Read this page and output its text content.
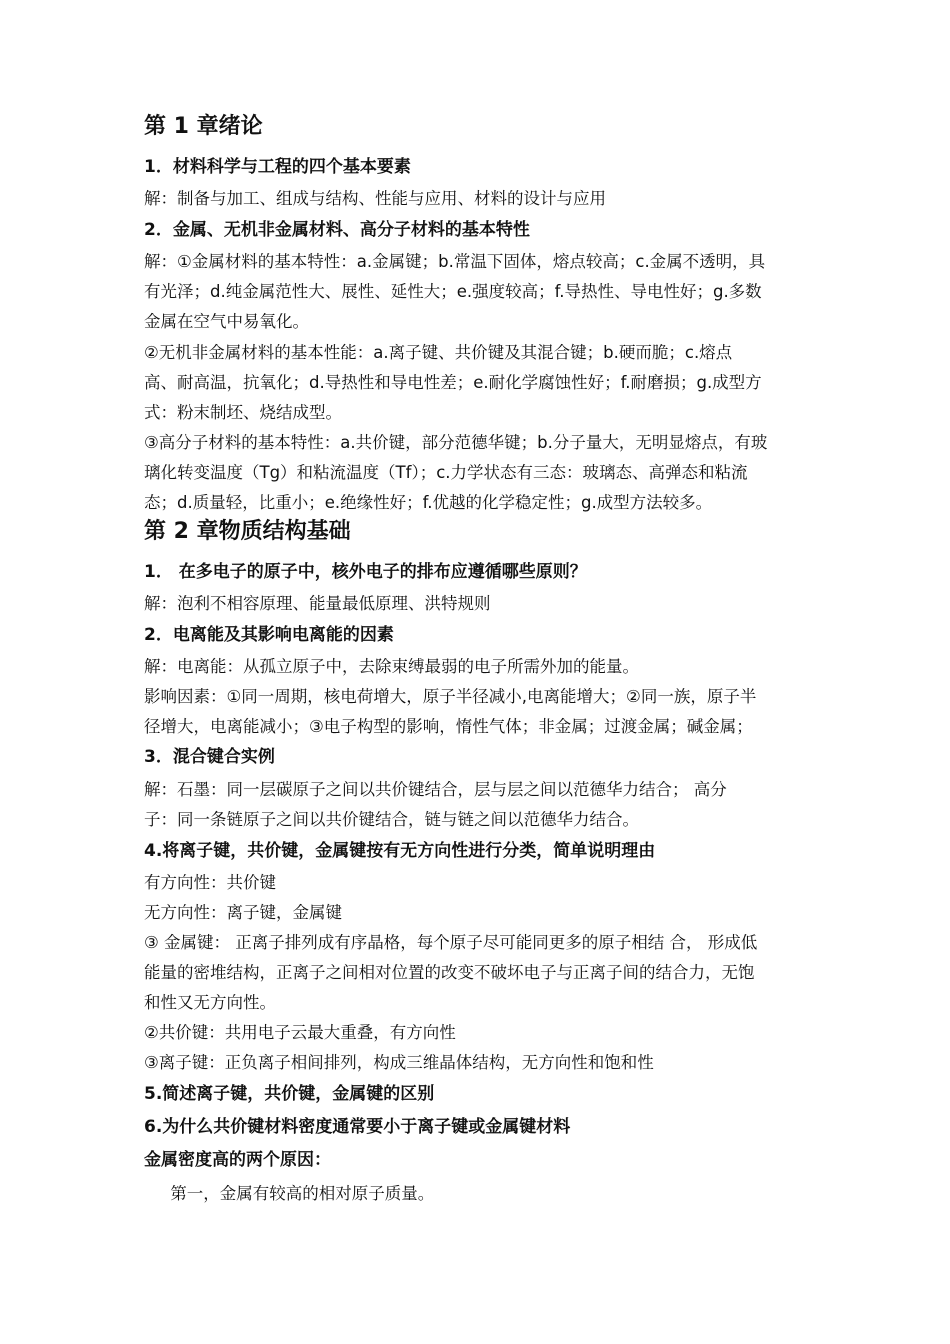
第 1 章绪论
1．材料科学与工程的四个基本要素
解：制备与加工、组成与结构、性能与应用、材料的设计与应用
2．金属、无机非金属材料、高分子材料的基本特性
解：①金属材料的基本特性：a.金属键；b.常温下固体，熔点较高；c.金属不透明，具
有光泽；d.纯金属范性大、展性、延性大；e.强度较高；f.导热性、导电性好；g.多数
金属在空气中易氧化。
②无机非金属材料的基本性能：a.离子键、共价键及其混合键；b.硬而脆；c.熔点
高、耐高温，抗氧化；d.导热性和导电性差；e.耐化学腐蚀性好；f.耐磨损；g.成型方
式：粉末制坯、烧结成型。
③高分子材料的基本特性：a.共价键，部分范德华键；b.分子量大，无明显熔点，有玻
璃化转变温度（Tg）和粘流温度（Tf）；c.力学状态有三态：玻璃态、高弹态和粘流
态；d.质量轻，比重小；e.绝缘性好；f.优越的化学稳定性；g.成型方法较多。
第 2 章物质结构基础
1． 在多电子的原子中，核外电子的排布应遵循哪些原则？
解：泡利不相容原理、能量最低原理、洪特规则
2．电离能及其影响电离能的因素
解：电离能：从孤立原子中，去除束缚最弱的电子所需外加的能量。
影响因素：①同一周期，核电荷增大，原子半径减小,电离能增大；②同一族，原子半
径增大，电离能减小；③电子构型的影响，惰性气体；非金属；过渡金属；碱金属；
3．混合键合实例
解：石墨：同一层碳原子之间以共价键结合，层与层之间以范德华力结合； 高分
子：同一条链原子之间以共价键结合，链与链之间以范德华力结合。
4.将离子键，共价键，金属键按有无方向性进行分类，简单说明理由
有方向性：共价键
无方向性：离子键，金属键
③ 金属键： 正离子排列成有序晶格，每个原子尽可能同更多的原子相结 合， 形成低
能量的密堆结构，正离子之间相对位置的改变不破坏电子与正离子间的结合力，无饱
和性又无方向性。
②共价键：共用电子云最大重叠，有方向性
③离子键：正负离子相间排列，构成三维晶体结构，无方向性和饱和性
5.简述离子键，共价键，金属键的区别
6.为什么共价键材料密度通常要小于离子键或金属键材料
金属密度高的两个原因：
第一，金属有较高的相对原子质量。
